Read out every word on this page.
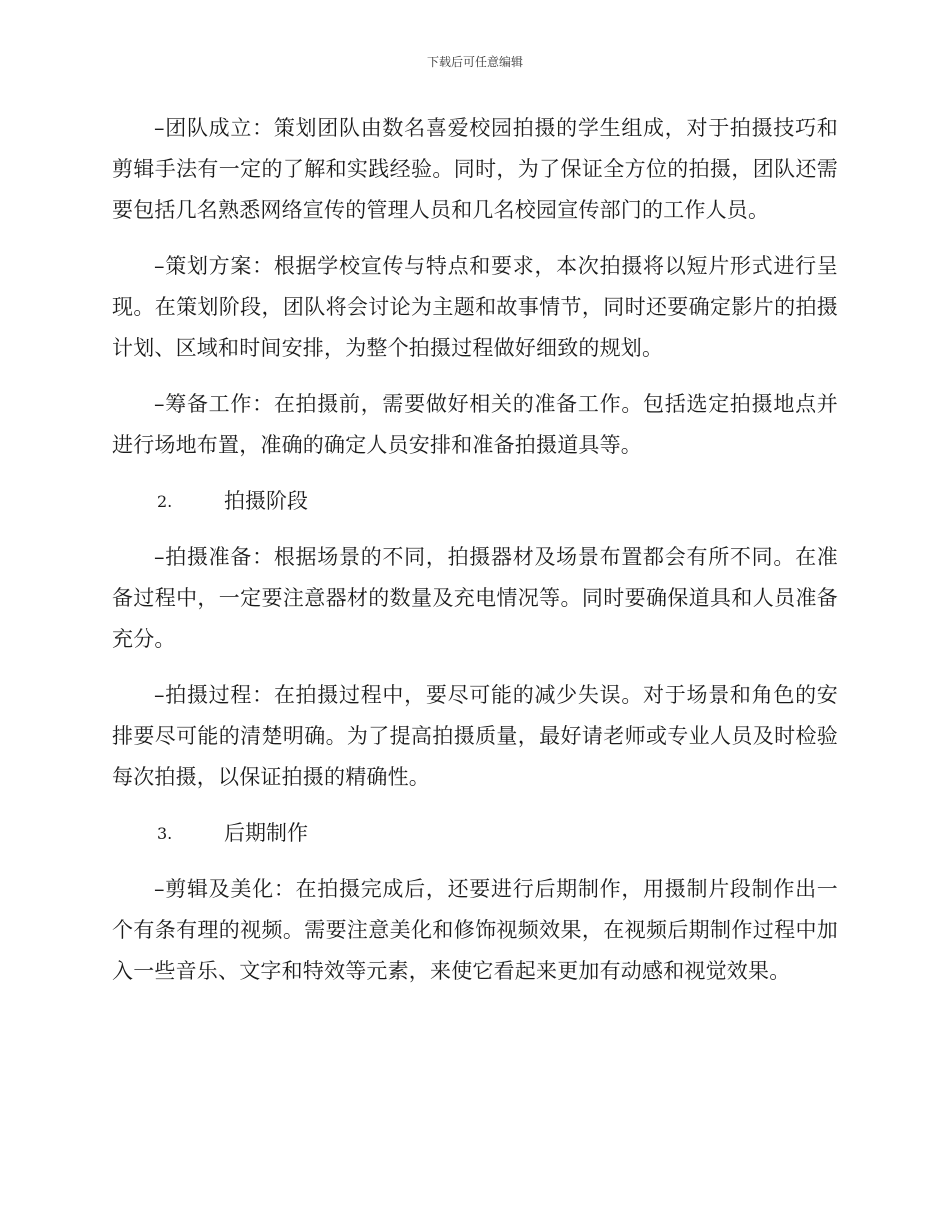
下载后可任意编辑

–团队成立：策划团队由数名喜爱校园拍摄的学生组成，对于拍摄技巧和剪辑手法有一定的了解和实践经验。同时，为了保证全方位的拍摄，团队还需要包括几名熟悉网络宣传的管理人员和几名校园宣传部门的工作人员。

–策划方案：根据学校宣传与特点和要求，本次拍摄将以短片形式进行呈现。在策划阶段，团队将会讨论为主题和故事情节，同时还要确定影片的拍摄计划、区域和时间安排，为整个拍摄过程做好细致的规划。

–筹备工作：在拍摄前，需要做好相关的准备工作。包括选定拍摄地点并进行场地布置，准确的确定人员安排和准备拍摄道具等。

2. 拍摄阶段

–拍摄准备：根据场景的不同，拍摄器材及场景布置都会有所不同。在准备过程中，一定要注意器材的数量及充电情况等。同时要确保道具和人员准备充分。

–拍摄过程：在拍摄过程中，要尽可能的减少失误。对于场景和角色的安排要尽可能的清楚明确。为了提高拍摄质量，最好请老师或专业人员及时检验每次拍摄，以保证拍摄的精确性。

3. 后期制作

–剪辑及美化：在拍摄完成后，还要进行后期制作，用摄制片段制作出一个有条有理的视频。需要注意美化和修饰视频效果，在视频后期制作过程中加入一些音乐、文字和特效等元素，来使它看起来更加有动感和视觉效果。
